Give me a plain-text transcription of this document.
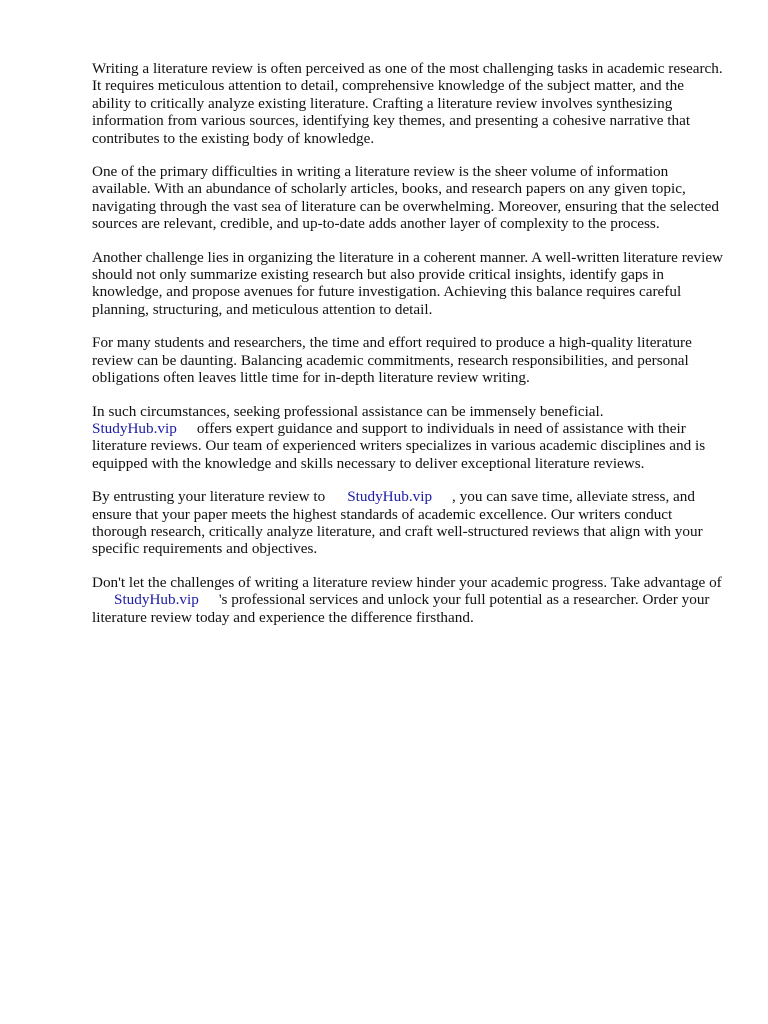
Writing a literature review is often perceived as one of the most challenging tasks in academic research. It requires meticulous attention to detail, comprehensive knowledge of the subject matter, and the ability to critically analyze existing literature. Crafting a literature review involves synthesizing information from various sources, identifying key themes, and presenting a cohesive narrative that contributes to the existing body of knowledge.

One of the primary difficulties in writing a literature review is the sheer volume of information available. With an abundance of scholarly articles, books, and research papers on any given topic, navigating through the vast sea of literature can be overwhelming. Moreover, ensuring that the selected sources are relevant, credible, and up-to-date adds another layer of complexity to the process.

Another challenge lies in organizing the literature in a coherent manner. A well-written literature review should not only summarize existing research but also provide critical insights, identify gaps in knowledge, and propose avenues for future investigation. Achieving this balance requires careful planning, structuring, and meticulous attention to detail.

For many students and researchers, the time and effort required to produce a high-quality literature review can be daunting. Balancing academic commitments, research responsibilities, and personal obligations often leaves little time for in-depth literature review writing.

In such circumstances, seeking professional assistance can be immensely beneficial.
StudyHub.vip offers expert guidance and support to individuals in need of assistance with their literature reviews. Our team of experienced writers specializes in various academic disciplines and is equipped with the knowledge and skills necessary to deliver exceptional literature reviews.

By entrusting your literature review to StudyHub.vip , you can save time, alleviate stress, and ensure that your paper meets the highest standards of academic excellence. Our writers conduct thorough research, critically analyze literature, and craft well-structured reviews that align with your specific requirements and objectives.

Don't let the challenges of writing a literature review hinder your academic progress. Take advantage ofStudyHub.vip 's professional services and unlock your full potential as a researcher. Order your literature review today and experience the difference firsthand.
